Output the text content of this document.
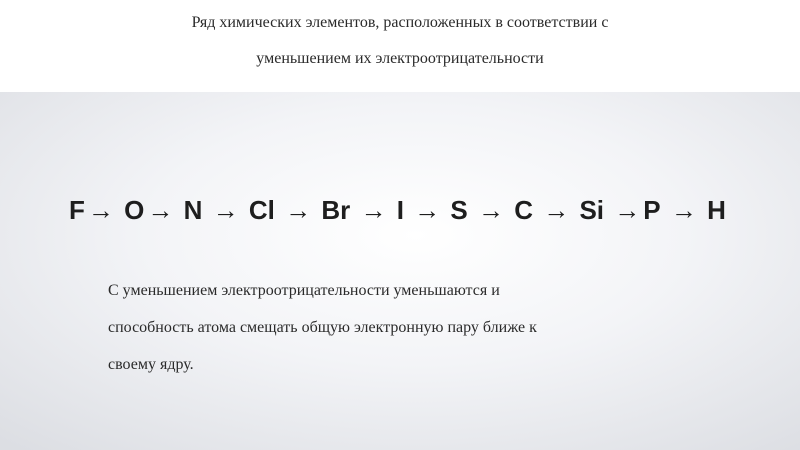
Ряд химических элементов, расположенных в соответствии с
уменьшением их электроотрицательности
F → O → N → Cl → Br → I → S → C → Si → P → H
С уменьшением электроотрицательности уменьшаются и
способность атома смещать общую электронную пару ближе к
своему ядру.
